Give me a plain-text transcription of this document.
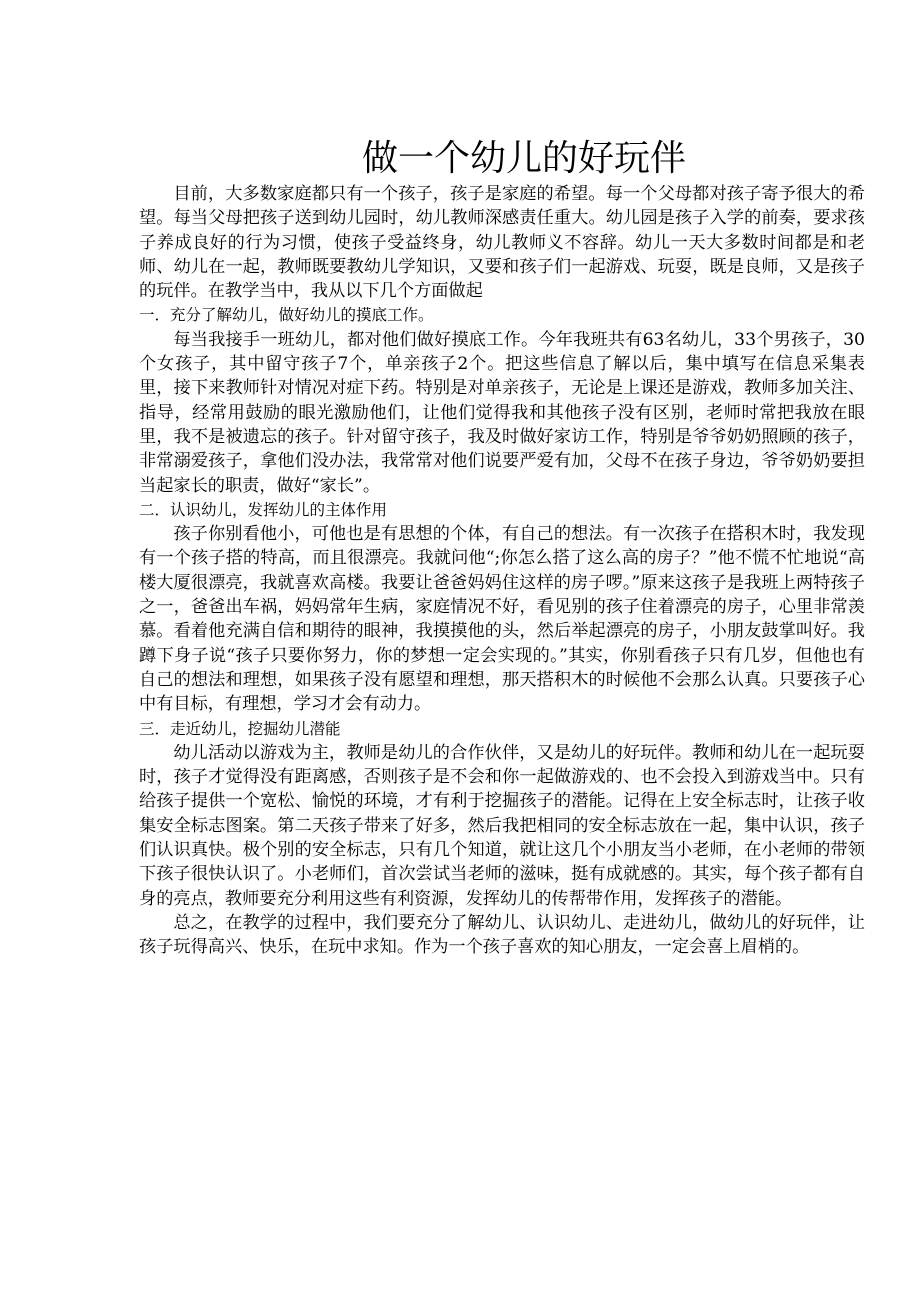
做一个幼儿的好玩伴

目前，大多数家庭都只有一个孩子，孩子是家庭的希望。每一个父母都对孩子寄予很大的希望。每当父母把孩子送到幼儿园时，幼儿教师深感责任重大。幼儿园是孩子入学的前奏，要求孩子养成良好的行为习惯，使孩子受益终身，幼儿教师义不容辞。幼儿一天大多数时间都是和老师、幼儿在一起，教师既要教幼儿学知识，又要和孩子们一起游戏、玩耍，既是良师，又是孩子的玩伴。在教学当中，我从以下几个方面做起

一．充分了解幼儿，做好幼儿的摸底工作。

每当我接手一班幼儿，都对他们做好摸底工作。今年我班共有63名幼儿，33个男孩子，30个女孩子，其中留守孩子7个，单亲孩子2个。把这些信息了解以后，集中填写在信息采集表里，接下来教师针对情况对症下药。特别是对单亲孩子，无论是上课还是游戏，教师多加关注、指导，经常用鼓励的眼光激励他们，让他们觉得我和其他孩子没有区别，老师时常把我放在眼里，我不是被遗忘的孩子。针对留守孩子，我及时做好家访工作，特别是爷爷奶奶照顾的孩子，非常溺爱孩子，拿他们没办法，我常常对他们说要严爱有加，父母不在孩子身边，爷爷奶奶要担当起家长的职责，做好“家长”。

二．认识幼儿，发挥幼儿的主体作用

孩子你别看他小，可他也是有思想的个体，有自己的想法。有一次孩子在搭积木时，我发现有一个孩子搭的特高，而且很漂亮。我就问他“;你怎么搭了这么高的房子？”他不慌不忙地说“高楼大厦很漂亮，我就喜欢高楼。我要让爸爸妈妈住这样的房子啰。”原来这孩子是我班上两特孩子之一，爸爸出车祸，妈妈常年生病，家庭情况不好，看见别的孩子住着漂亮的房子，心里非常羡慕。看着他充满自信和期待的眼神，我摸摸他的头，然后举起漂亮的房子，小朋友鼓掌叫好。我蹲下身子说“孩子只要你努力，你的梦想一定会实现的。”其实，你别看孩子只有几岁，但他也有自己的想法和理想，如果孩子没有愿望和理想，那天搭积木的时候他不会那么认真。只要孩子心中有目标，有理想，学习才会有动力。

三．走近幼儿，挖掘幼儿潜能

幼儿活动以游戏为主，教师是幼儿的合作伙伴，又是幼儿的好玩伴。教师和幼儿在一起玩耍时，孩子才觉得没有距离感，否则孩子是不会和你一起做游戏的、也不会投入到游戏当中。只有给孩子提供一个宽松、愉悦的环境，才有利于挖掘孩子的潜能。记得在上安全标志时，让孩子收集安全标志图案。第二天孩子带来了好多，然后我把相同的安全标志放在一起，集中认识，孩子们认识真快。极个别的安全标志，只有几个知道，就让这几个小朋友当小老师，在小老师的带领下孩子很快认识了。小老师们，首次尝试当老师的滋味，挺有成就感的。其实，每个孩子都有自身的亮点，教师要充分利用这些有利资源，发挥幼儿的传帮带作用，发挥孩子的潜能。

总之，在教学的过程中，我们要充分了解幼儿、认识幼儿、走进幼儿，做幼儿的好玩伴，让孩子玩得高兴、快乐，在玩中求知。作为一个孩子喜欢的知心朋友，一定会喜上眉梢的。
